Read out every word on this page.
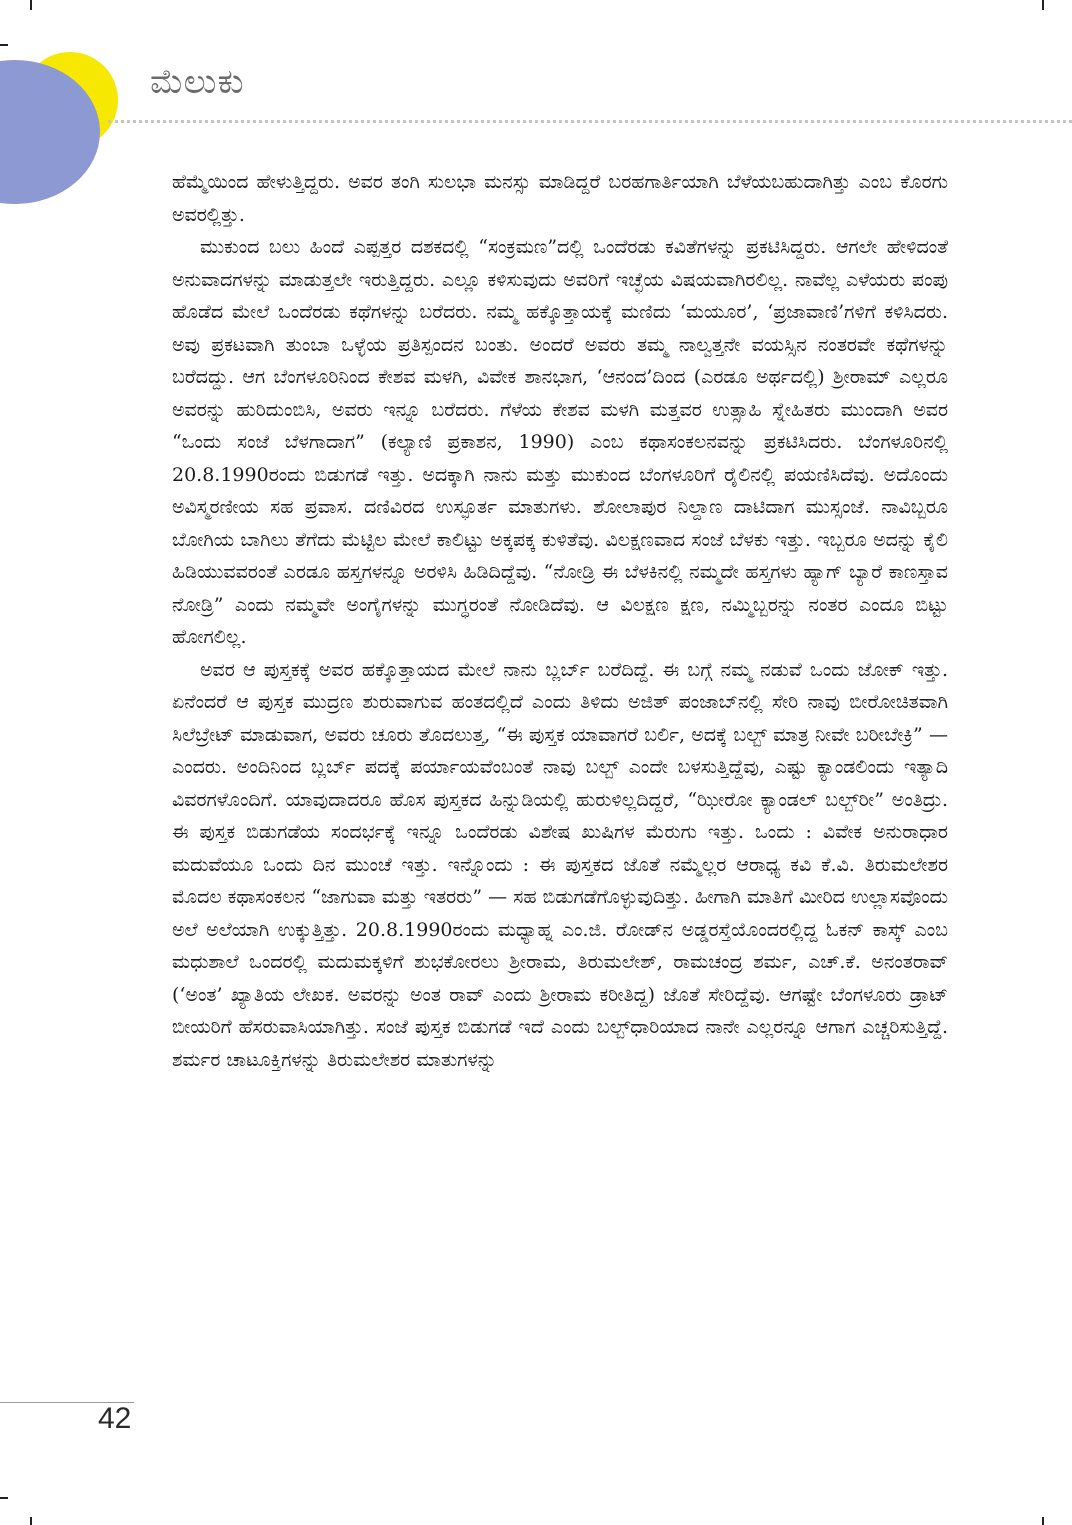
ಮೆಲುಕು

ಹೆಮ್ಮೆಯಿಂದ ಹೇಳುತ್ತಿದ್ದರು. ಅವರ ತಂಗಿ ಸುಲಭಾ ಮನಸ್ಸು ಮಾಡಿದ್ದರೆ ಬರಹಗಾರ್ತಿಯಾಗಿ ಬೆಳೆಯಬಹುದಾಗಿತ್ತು ಎಂಬ ಕೊರಗು ಅವರಲ್ಲಿತ್ತು.

ಮುಕುಂದ ಬಲು ಹಿಂದೆ ಎಪ್ಪತ್ತರ ದಶಕದಲ್ಲಿ “ಸಂಕ್ರಮಣ”ದಲ್ಲಿ ಒಂದೆರಡು ಕವಿತೆಗಳನ್ನು ಪ್ರಕಟಿಸಿದ್ದರು. ಆಗಲೇ ಹೇಳಿದಂತೆ ಅನುವಾದಗಳನ್ನು ಮಾಡುತ್ತಲೇ ಇರುತ್ತಿದ್ದರು. ಎಲ್ಲೂ ಕಳಿಸುವುದು ಅವರಿಗೆ ಇಚ್ಛೆಯ ವಿಷಯವಾಗಿರಲಿಲ್ಲ. ನಾವೆಲ್ಲ ಎಳೆಯರು ಪಂಪು ಹೊಡೆದ ಮೇಲೆ ಒಂದೆರಡು ಕಥೆಗಳನ್ನು ಬರೆದರು. ನಮ್ಮ ಹಕ್ಕೊತ್ತಾಯಕ್ಕೆ ಮಣಿದು ‘ಮಯೂರ’, ‘ಪ್ರಜಾವಾಣಿ’ಗಳಿಗೆ ಕಳಿಸಿದರು. ಅವು ಪ್ರಕಟವಾಗಿ ತುಂಬಾ ಒಳ್ಳೆಯ ಪ್ರತಿಸ್ಪಂದನ ಬಂತು. ಅಂದರೆ ಅವರು ತಮ್ಮ ನಾಲ್ವತ್ತನೇ ವಯಸ್ಸಿನ ನಂತರವೇ ಕಥೆಗಳನ್ನು ಬರೆದದ್ದು. ಆಗ ಬೆಂಗಳೂರಿನಿಂದ ಕೇಶವ ಮಳಗಿ, ವಿವೇಕ ಶಾನಭಾಗ, ‘ಆನಂದ’ದಿಂದ (ಎರಡೂ ಅರ್ಥದಲ್ಲಿ) ಶ್ರೀರಾಮ್ ಎಲ್ಲರೂ ಅವರನ್ನು ಹುರಿದುಂಬಿಸಿ, ಅವರು ಇನ್ನೂ ಬರೆದರು. ಗೆಳೆಯ ಕೇಶವ ಮಳಗಿ ಮತ್ತವರ ಉತ್ಸಾಹಿ ಸ್ನೇಹಿತರು ಮುಂದಾಗಿ ಅವರ “ಒಂದು ಸಂಜೆ ಬೆಳಗಾದಾಗ” (ಕಲ್ಯಾಣಿ ಪ್ರಕಾಶನ, 1990) ಎಂಬ ಕಥಾಸಂಕಲನವನ್ನು ಪ್ರಕಟಿಸಿದರು. ಬೆಂಗಳೂರಿನಲ್ಲಿ 20.8.1990ರಂದು ಬಿಡುಗಡೆ ಇತ್ತು. ಅದಕ್ಕಾಗಿ ನಾನು ಮತ್ತು ಮುಕುಂದ ಬೆಂಗಳೂರಿಗೆ ರೈಲಿನಲ್ಲಿ ಪಯಣಿಸಿದೆವು. ಅದೊಂದು ಅವಿಸ್ಮರಣೀಯ ಸಹ ಪ್ರವಾಸ. ದಣಿವಿರದ ಉಸ್ಫೂರ್ತ ಮಾತುಗಳು. ಶೋಲಾಪುರ ನಿಲ್ದಾಣ ದಾಟಿದಾಗ ಮುಸ್ಸಂಜೆ. ನಾವಿಬ್ಬರೂ ಬೋಗಿಯ ಬಾಗಿಲು ತೆಗೆದು ಮೆಟ್ಟಿಲ ಮೇಲೆ ಕಾಲಿಟ್ಟು ಅಕ್ಕಪಕ್ಕ ಕುಳಿತೆವು. ವಿಲಕ್ಷಣವಾದ ಸಂಜೆ ಬೆಳಕು ಇತ್ತು. ಇಬ್ಬರೂ ಅದನ್ನು ಕೈಲಿ ಹಿಡಿಯುವವರಂತೆ ಎರಡೂ ಹಸ್ತಗಳನ್ನೂ ಅರಳಿಸಿ ಹಿಡಿದಿದ್ದೆವು. “ನೋಡ್ರಿ ಈ ಬೆಳಕಿನಲ್ಲಿ ನಮ್ಮದೇ ಹಸ್ತಗಳು ಹ್ಯಾಗ್ ಬ್ಯಾರೆ ಕಾಣಸ್ತಾವ ನೋಡ್ರಿ” ಎಂದು ನಮ್ಮವೇ ಅಂಗೈಗಳನ್ನು ಮುಗ್ಧರಂತೆ ನೋಡಿದೆವು. ಆ ವಿಲಕ್ಷಣ ಕ್ಷಣ, ನಮ್ಮಿಬ್ಬರನ್ನು ನಂತರ ಎಂದೂ ಬಿಟ್ಟು ಹೋಗಲಿಲ್ಲ.

ಅವರ ಆ ಪುಸ್ತಕಕ್ಕೆ ಅವರ ಹಕ್ಕೊತ್ತಾಯದ ಮೇಲೆ ನಾನು ಬ್ಲರ್ಬ್ ಬರೆದಿದ್ದೆ. ಈ ಬಗ್ಗೆ ನಮ್ಮ ನಡುವೆ ಒಂದು ಜೋಕ್ ಇತ್ತು. ಏನೆಂದರೆ ಆ ಪುಸ್ತಕ ಮುದ್ರಣ ಶುರುವಾಗುವ ಹಂತದಲ್ಲಿದೆ ಎಂದು ತಿಳಿದು ಅಜಿತ್ ಪಂಜಾಬ್‌ನಲ್ಲಿ ಸೇರಿ ನಾವು ಬೀರೋಚಿತವಾಗಿ ಸಿಲೆಬ್ರೇಟ್ ಮಾಡುವಾಗ, ಅವರು ಚೂರು ತೊದಲುತ್ತ, “ಈ ಪುಸ್ತಕ ಯಾವಾಗರೆ ಬರ್ಲಿ, ಅದಕ್ಕೆ ಬಲ್ಬ್ ಮಾತ್ರ ನೀವೇ ಬರೀಬೇಕ್ರಿ” — ಎಂದರು. ಅಂದಿನಿಂದ ಬ್ಲರ್ಬ್ ಪದಕ್ಕೆ ಪರ್ಯಾಯವೆಂಬಂತೆ ನಾವು ಬಲ್ಬ್ ಎಂದೇ ಬಳಸುತ್ತಿದ್ದೆವು, ಎಷ್ಟು ಕ್ಯಾಂಡಲಿಂದು ಇತ್ಯಾದಿ ವಿವರಗಳೊಂದಿಗೆ. ಯಾವುದಾದರೂ ಹೊಸ ಪುಸ್ತಕದ ಹಿನ್ನುಡಿಯಲ್ಲಿ ಹುರುಳಿಲ್ಲದಿದ್ದರೆ, “ಝೀರೋ ಕ್ಯಾಂಡಲ್ ಬಲ್ಬ್‌ರೀ” ಅಂತಿದ್ರು. ಈ ಪುಸ್ತಕ ಬಿಡುಗಡೆಯ ಸಂದರ್ಭಕ್ಕೆ ಇನ್ನೂ ಒಂದೆರಡು ವಿಶೇಷ ಖುಷಿಗಳ ಮೆರುಗು ಇತ್ತು. ಒಂದು : ವಿವೇಕ ಅನುರಾಧಾರ ಮದುವೆಯೂ ಒಂದು ದಿನ ಮುಂಚೆ ಇತ್ತು. ಇನ್ನೊಂದು : ಈ ಪುಸ್ತಕದ ಜೊತೆ ನಮ್ಮೆಲ್ಲರ ಆರಾಧ್ಯ ಕವಿ ಕೆ.ವಿ. ತಿರುಮಲೇಶರ ಮೊದಲ ಕಥಾಸಂಕಲನ “ಜಾಗುವಾ ಮತ್ತು ಇತರರು” — ಸಹ ಬಿಡುಗಡೆಗೊಳ್ಳುವುದಿತ್ತು. ಹೀಗಾಗಿ ಮಾತಿಗೆ ಮೀರಿದ ಉಲ್ಲಾಸವೊಂದು ಅಲೆ ಅಲೆಯಾಗಿ ಉಕ್ಕುತ್ತಿತ್ತು. 20.8.1990ರಂದು ಮಧ್ಯಾಹ್ನ ಎಂ.ಜಿ. ರೋಡ್‌ನ ಅಡ್ಡರಸ್ತೆಯೊಂದರಲ್ಲಿದ್ದ ಓಕನ್ ಕಾಸ್ಕ್ ಎಂಬ ಮಧುಶಾಲೆ ಒಂದರಲ್ಲಿ ಮದುಮಕ್ಕಳಿಗೆ ಶುಭಕೋರಲು ಶ್ರೀರಾಮ, ತಿರುಮಲೇಶ್, ರಾಮಚಂದ್ರ ಶರ್ಮ, ಎಚ್.ಕೆ. ಅನಂತರಾವ್ (‘ಅಂತ’ ಖ್ಯಾತಿಯ ಲೇಖಕ. ಅವರನ್ನು ಅಂತ ರಾವ್ ಎಂದು ಶ್ರೀರಾಮ ಕರೀತಿದ್ದ) ಜೊತೆ ಸೇರಿದ್ದೆವು. ಆಗಷ್ಟೇ ಬೆಂಗಳೂರು ಡ್ರಾಟ್ ಬೀಯರಿಗೆ ಹೆಸರುವಾಸಿಯಾಗಿತ್ತು. ಸಂಜೆ ಪುಸ್ತಕ ಬಿಡುಗಡೆ ಇದೆ ಎಂದು ಬಲ್ಬ್‌ಧಾರಿಯಾದ ನಾನೇ ಎಲ್ಲರನ್ನೂ ಆಗಾಗ ಎಚ್ಚರಿಸುತ್ತಿದ್ದೆ. ಶರ್ಮರ ಚಾಟೂಕ್ತಿಗಳನ್ನು ತಿರುಮಲೇಶರ ಮಾತುಗಳನ್ನು

42
